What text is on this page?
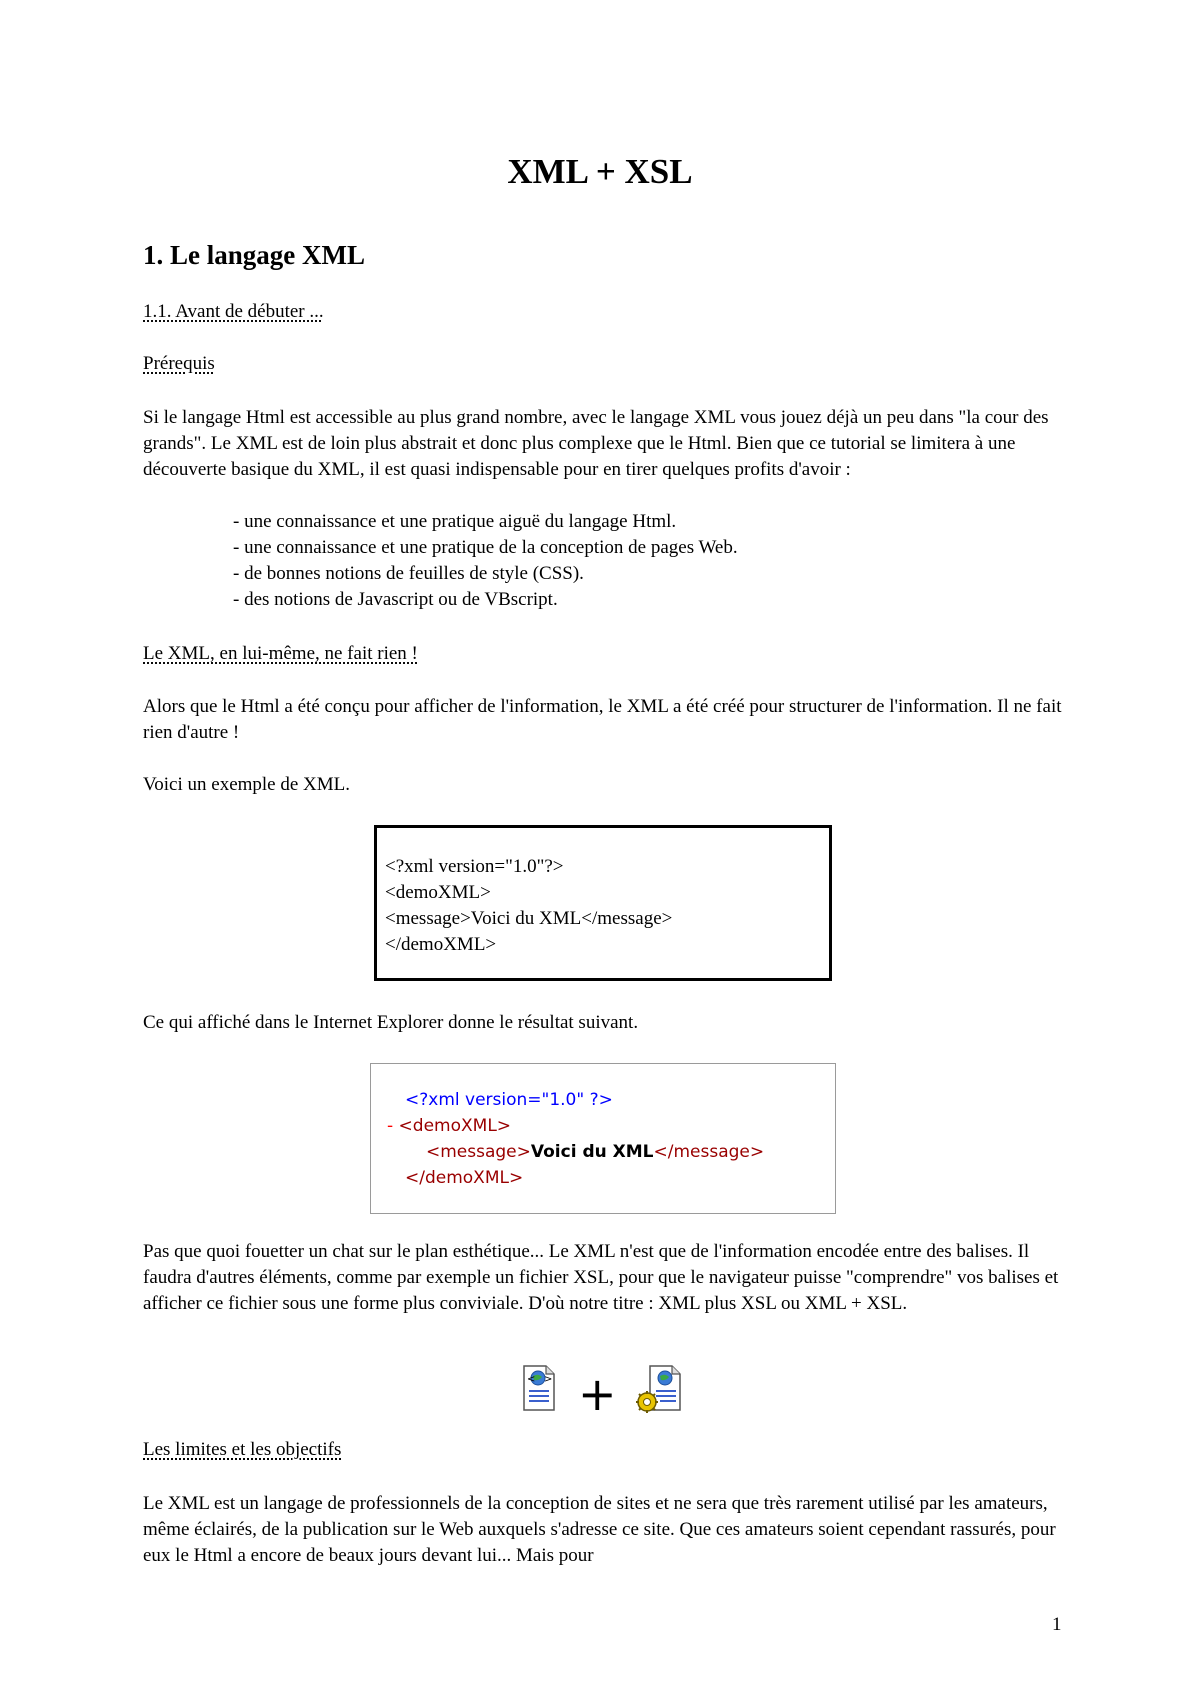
XML + XSL
1. Le langage XML

1.1. Avant de débuter ...

Prérequis

Si le langage Html est accessible au plus grand nombre, avec le langage XML vous jouez déjà un peu dans "la cour des grands". Le XML est de loin plus abstrait et donc plus complexe que le Html. Bien que ce tutorial se limitera à une découverte basique du XML, il est quasi indispensable pour en tirer quelques profits d'avoir :

- une connaissance et une pratique aiguë du langage Html.
- une connaissance et une pratique de la conception de pages Web.
- de bonnes notions de feuilles de style (CSS).
- des notions de Javascript ou de VBscript.

Le XML, en lui-même, ne fait rien !

Alors que le Html a été conçu pour afficher de l'information, le XML a été créé pour structurer de l'information. Il ne fait rien d'autre !

Voici un exemple de XML.

<?xml version="1.0"?>
<demoXML>
<message>Voici du XML</message>
</demoXML>

Ce qui affiché dans le Internet Explorer donne le résultat suivant.

<?xml version="1.0" ?>
- <demoXML>
<message>Voici du XML</message>
</demoXML>

Pas que quoi fouetter un chat sur le plan esthétique... Le XML n'est que de l'information encodée entre des balises. Il faudra d'autres éléments, comme par exemple un fichier XSL, pour que le navigateur puisse "comprendre" vos balises et afficher ce fichier sous une forme plus conviviale. D'où notre titre : XML plus XSL ou XML + XSL.

< > +

Les limites et les objectifs

Le XML est un langage de professionnels de la conception de sites et ne sera que très rarement utilisé par les amateurs, même éclairés, de la publication sur le Web auxquels s'adresse ce site. Que ces amateurs soient cependant rassurés, pour eux le Html a encore de beaux jours devant lui... Mais pour

1
